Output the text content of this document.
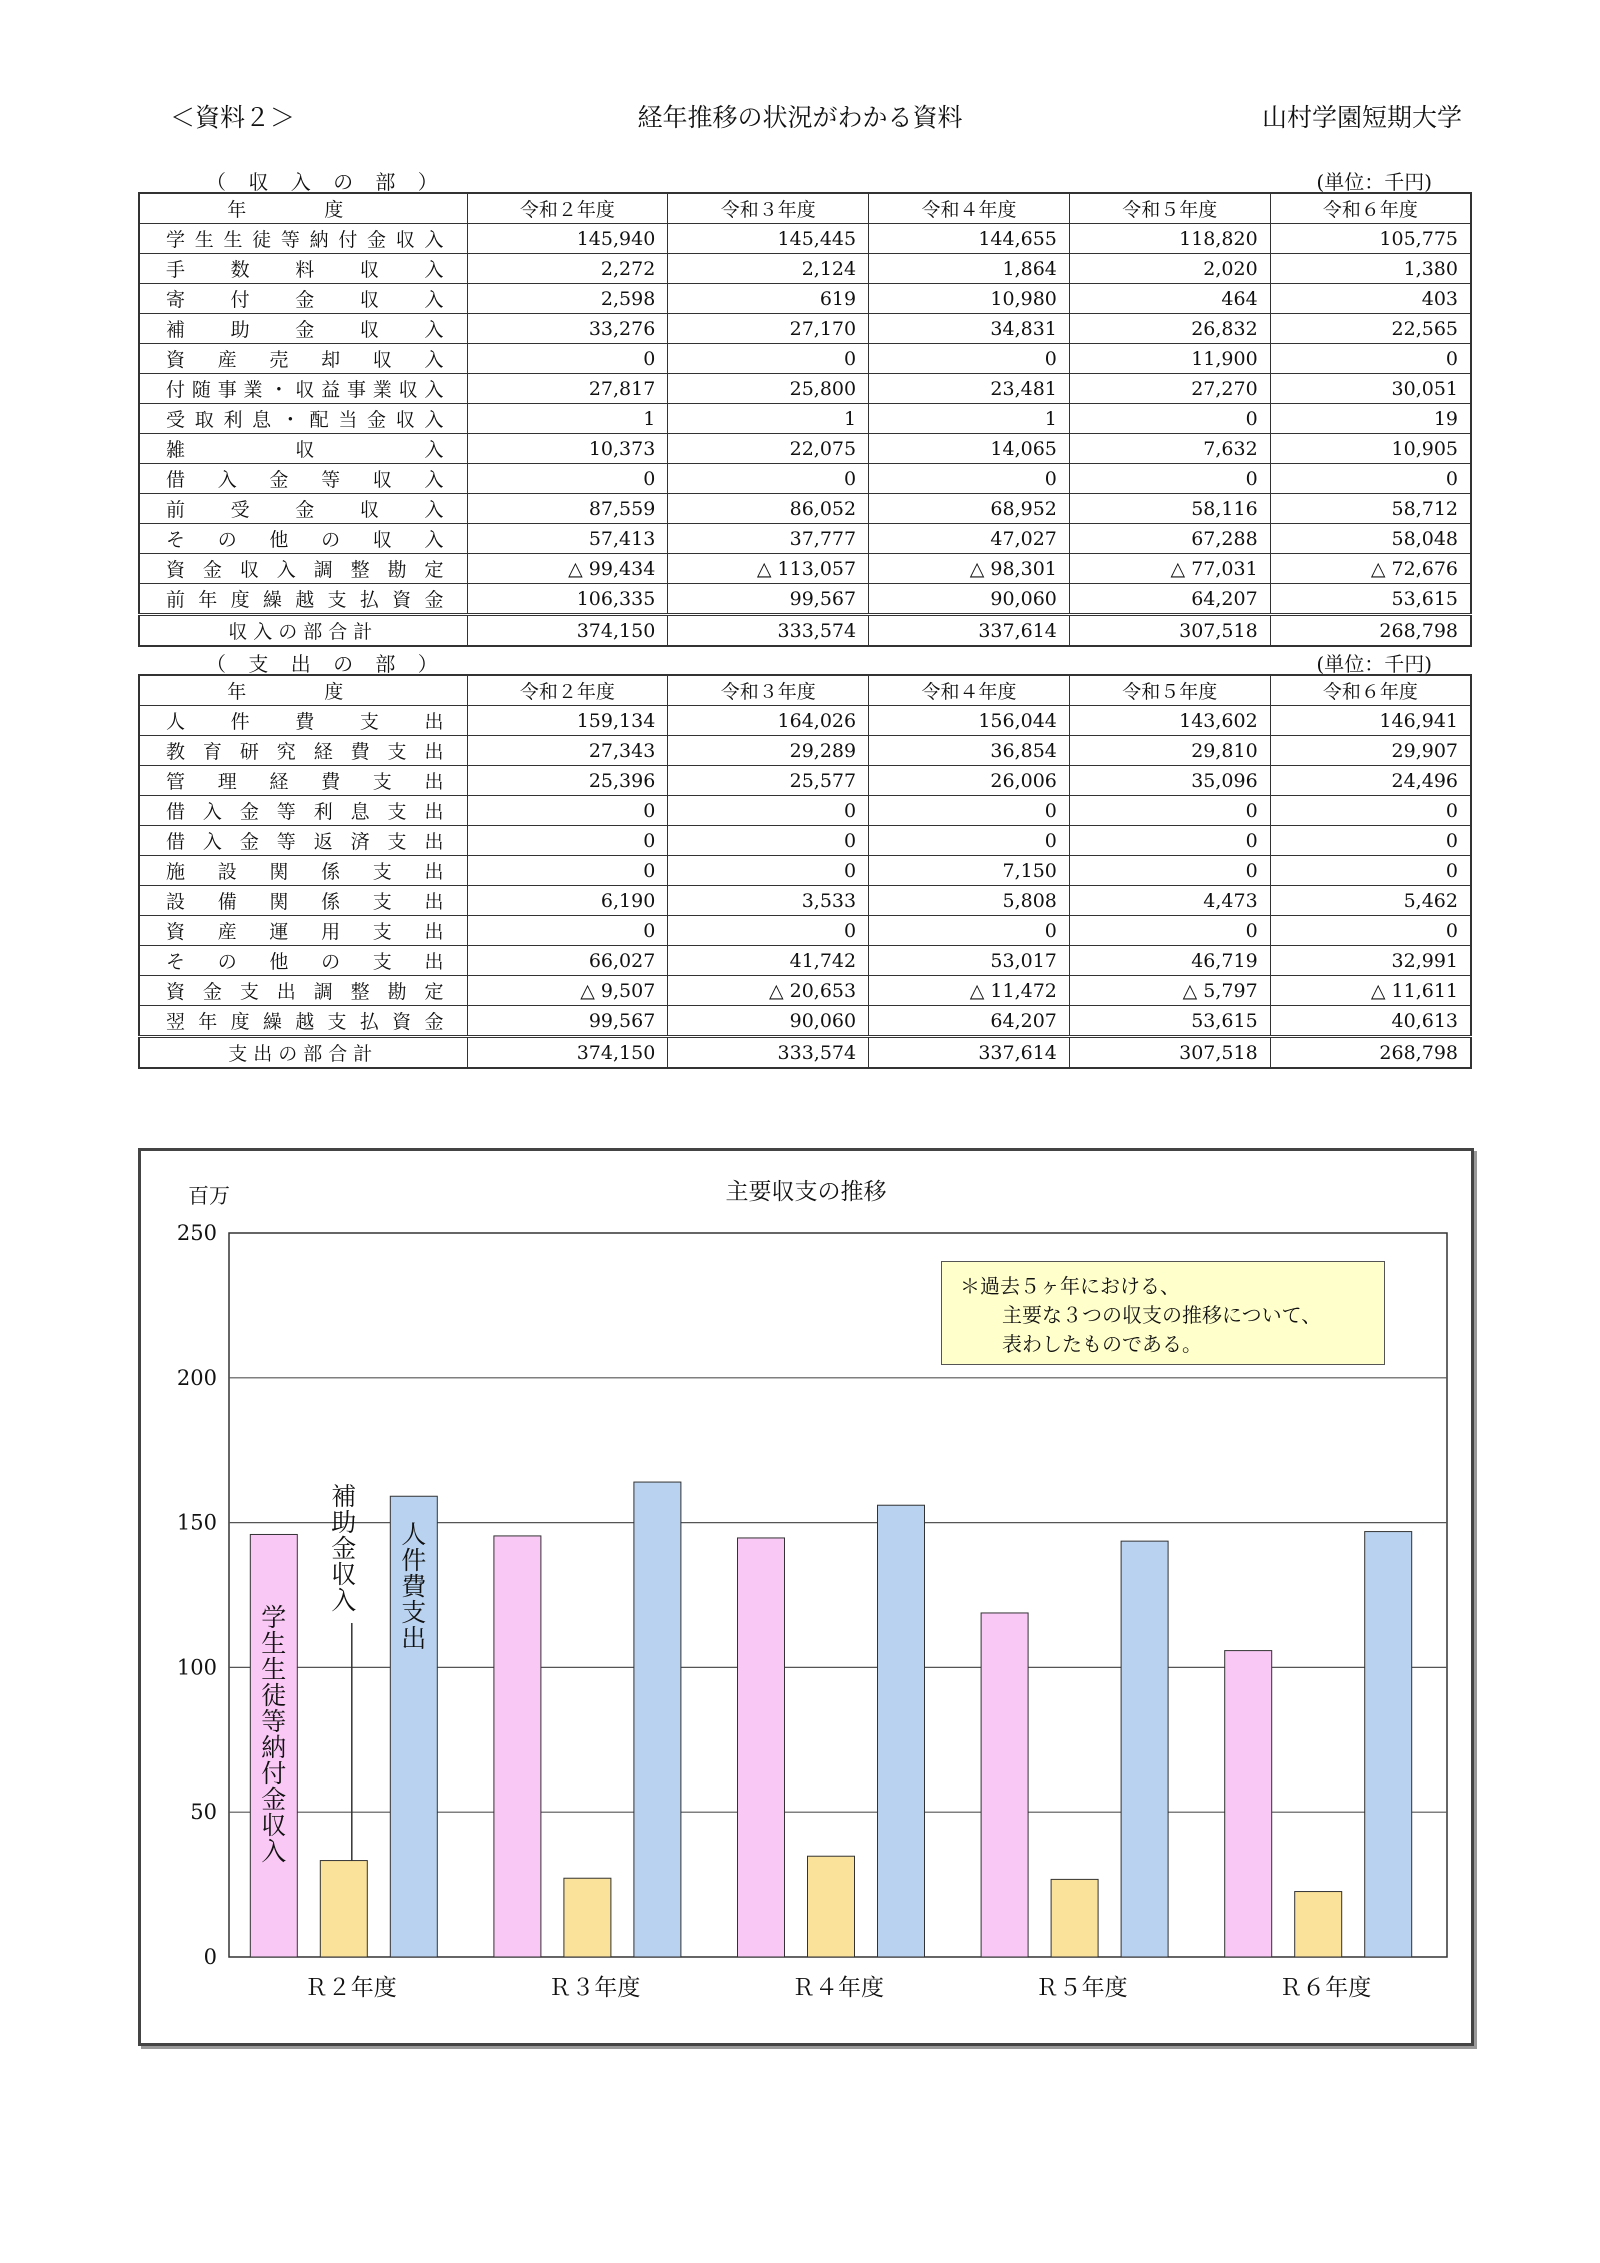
＜資料２＞	経年推移の状況がわかる資料	山村学園短期大学
（ 収 入 の 部 ）	(単位：千円)
年 度	令和２年度	令和３年度	令和４年度	令和５年度	令和６年度
学生生徒等納付金収入	145,940	145,445	144,655	118,820	105,775
手数料収入	2,272	2,124	1,864	2,020	1,380
寄付金収入	2,598	619	10,980	464	403
補助金収入	33,276	27,170	34,831	26,832	22,565
資産売却収入	0	0	0	11,900	0
付随事業・収益事業収入	27,817	25,800	23,481	27,270	30,051
受取利息・配当金収入	1	1	1	0	19
雑収入	10,373	22,075	14,065	7,632	10,905
借入金等収入	0	0	0	0	0
前受金収入	87,559	86,052	68,952	58,116	58,712
その他の収入	57,413	37,777	47,027	67,288	58,048
資金収入調整勘定	△ 99,434	△ 113,057	△ 98,301	△ 77,031	△ 72,676
前年度繰越支払資金	106,335	99,567	90,060	64,207	53,615
収入の部合計	374,150	333,574	337,614	307,518	268,798
（ 支 出 の 部 ）	(単位：千円)
年 度	令和２年度	令和３年度	令和４年度	令和５年度	令和６年度
人件費支出	159,134	164,026	156,044	143,602	146,941
教育研究経費支出	27,343	29,289	36,854	29,810	29,907
管理経費支出	25,396	25,577	26,006	35,096	24,496
借入金等利息支出	0	0	0	0	0
借入金等返済支出	0	0	0	0	0
施設関係支出	0	0	7,150	0	0
設備関係支出	6,190	3,533	5,808	4,473	5,462
資産運用支出	0	0	0	0	0
その他の支出	66,027	41,742	53,017	46,719	32,991
資金支出調整勘定	△ 9,507	△ 20,653	△ 11,472	△ 5,797	△ 11,611
翌年度繰越支払資金	99,567	90,060	64,207	53,615	40,613
支出の部合計	374,150	333,574	337,614	307,518	268,798
主要収支の推移
百万
0
50
100
150
200
250
Ｒ２年度	Ｒ３年度	Ｒ４年度	Ｒ５年度	Ｒ６年度
学生生徒等納付金収入
補助金収入
人件費支出
＊過去５ヶ年における、
主要な３つの収支の推移について、
表わしたものである。
